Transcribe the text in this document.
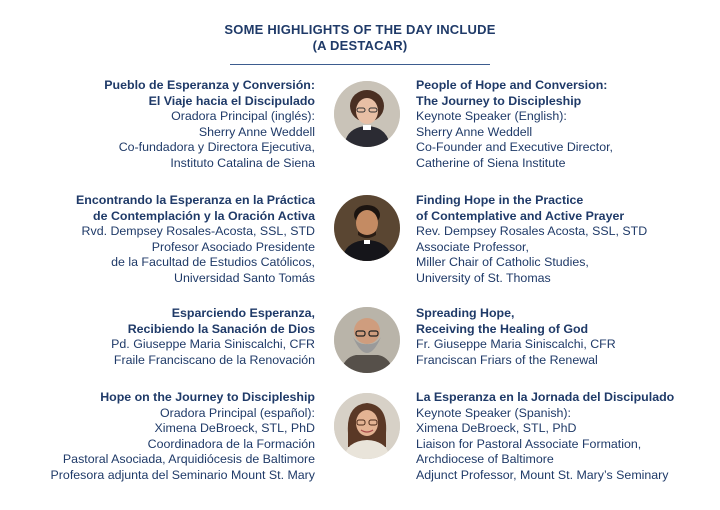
SOME HIGHLIGHTS OF THE DAY INCLUDE
(A DESTACAR)
Pueblo de Esperanza y Conversión:
El Viaje hacia el Discipulado
Oradora Principal (inglés):
Sherry Anne Weddell
Co-fundadora y Directora Ejecutiva,
Instituto Catalina de Siena
People of Hope and Conversion:
The Journey to Discipleship
Keynote Speaker (English):
Sherry Anne Weddell
Co-Founder and Executive Director,
Catherine of Siena Institute
Encontrando la Esperanza en la Práctica
de Contemplación y la Oración Activa
Rvd. Dempsey Rosales-Acosta, SSL, STD
Profesor Asociado Presidente
de la Facultad de Estudios Católicos,
Universidad Santo Tomás
Finding Hope in the Practice
of Contemplative and Active Prayer
Rev. Dempsey Rosales Acosta, SSL, STD
Associate Professor,
Miller Chair of Catholic Studies,
University of St. Thomas
Esparciendo Esperanza,
Recibiendo la Sanación de Dios
Pd. Giuseppe Maria Siniscalchi, CFR
Fraile Franciscano de la Renovación
Spreading Hope,
Receiving the Healing of God
Fr. Giuseppe Maria Siniscalchi, CFR
Franciscan Friars of the Renewal
Hope on the Journey to Discipleship
Oradora Principal (español):
Ximena DeBroeck, STL, PhD
Coordinadora de la Formación
Pastoral Asociada, Arquidiócesis de Baltimore
Profesora adjunta del Seminario Mount St. Mary
La Esperanza en la Jornada del Discipulado
Keynote Speaker (Spanish):
Ximena DeBroeck, STL, PhD
Liaison for Pastoral Associate Formation,
Archdiocese of Baltimore
Adjunct Professor, Mount St. Mary’s Seminary
